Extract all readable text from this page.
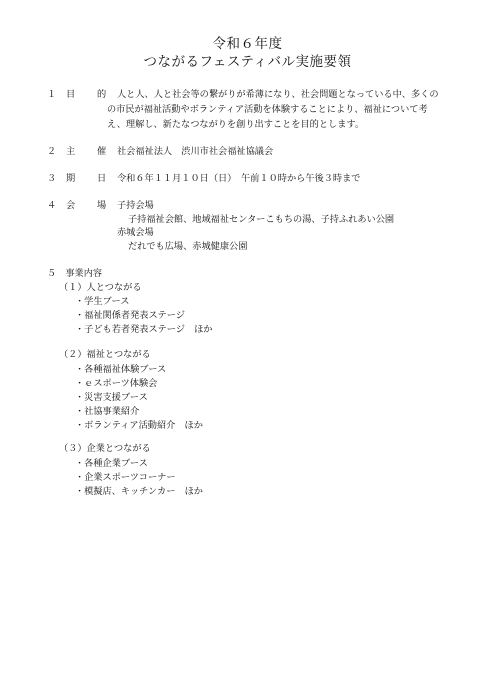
令和６年度
つながるフェスティバル実施要領
１ 目 的 人と人、人と社会等の繋がりが希薄になり、社会問題となっている中、多くの
の市民が福祉活動やボランティア活動を体験することにより、福祉について考
え、理解し、新たなつながりを創り出すことを目的とします。
２ 主 催 社会福祉法人　渋川市社会福祉協議会
３ 期 日 令和６年１１月１０日（日）　午前１０時から午後３時まで
４ 会 場 子持会場
子持福祉会館、地域福祉センターこもちの湯、子持ふれあい公園
赤城会場
だれでも広場、赤城健康公園
５　事業内容
（１）人とつながる
・学生ブース
・福祉関係者発表ステージ
・子ども若者発表ステージ　ほか
（２）福祉とつながる
・各種福祉体験ブース
・ｅスポーツ体験会
・災害支援ブース
・社協事業紹介
・ボランティア活動紹介　ほか
（３）企業とつながる
・各種企業ブース
・企業スポーツコーナー
・模擬店、キッチンカー　ほか
